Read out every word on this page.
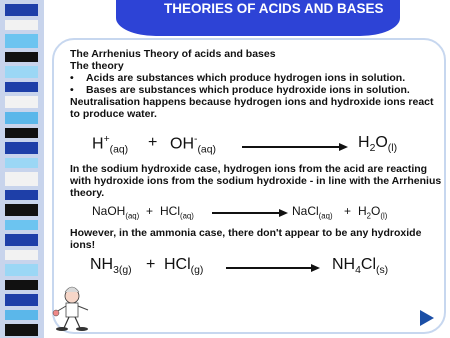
THEORIES OF ACIDS AND BASES

The Arrhenius Theory of acids and bases

The theory

•	Acids are substances which produce hydrogen ions in solution.
•	Bases are substances which produce hydroxide ions in solution.

Neutralisation happens because hydrogen ions and hydroxide ions react to produce water.

$H^+_{(aq)} + OH^-_{(aq)}$	$H_2O_{(l)}$
In the sodium hydroxide case, hydrogen ions from the acid are reacting with hydroxide ions from the sodium hydroxide - in line with the Arrhenius theory.
NaOH$_{(aq)}$ + HCl$_{(aq)}$	NaCl$_{(aq)}$ + $H_2O_{(l)}$
However, in the ammonia case, there don't appear to be any hydroxide ions!
$NH_{3(g)} + HCl_{(g)}$	$NH_4Cl_{(s)}$
